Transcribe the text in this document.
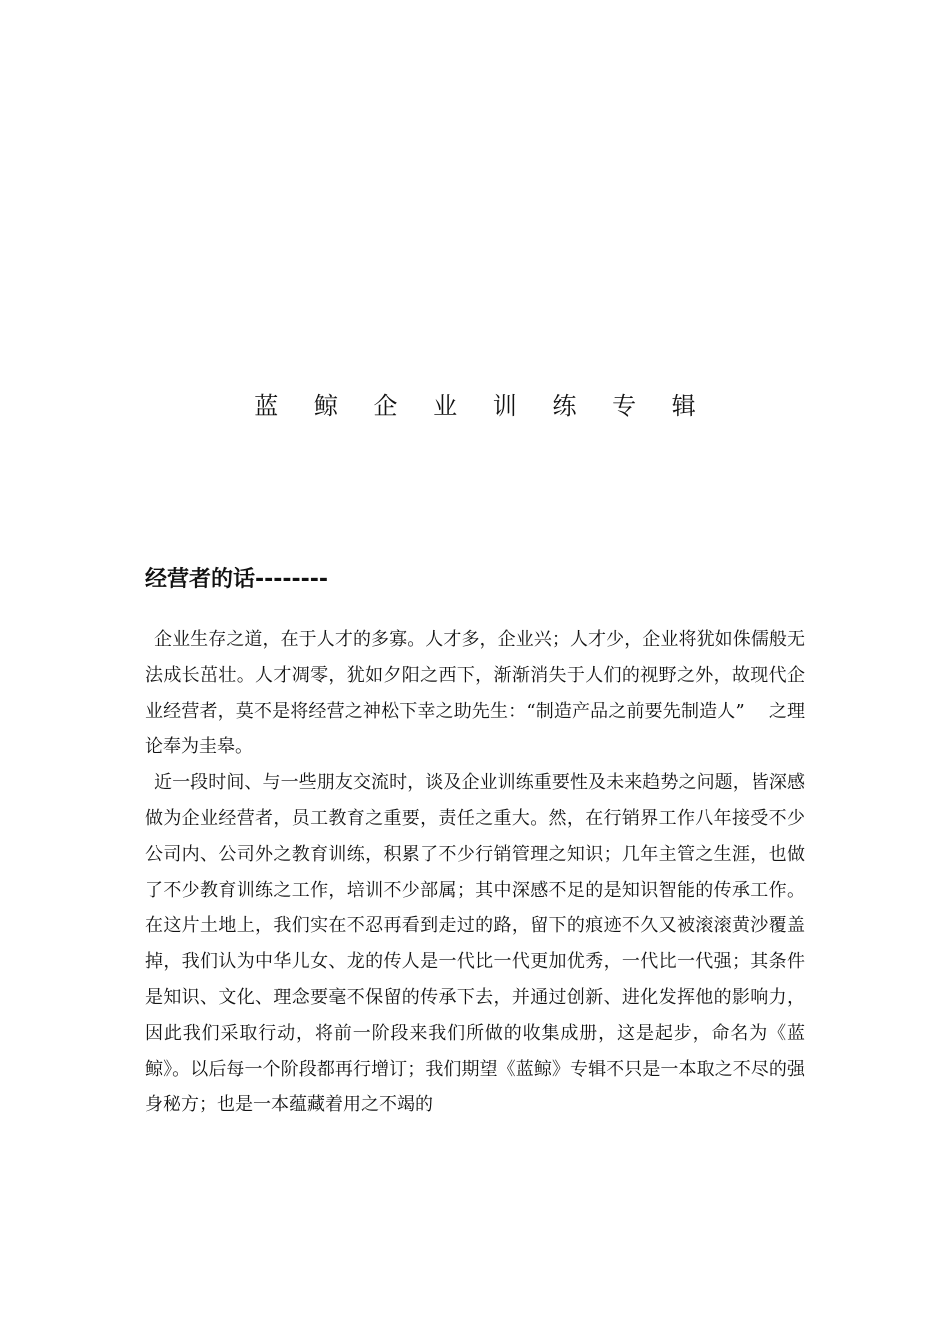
蓝 鲸 企 业 训 练 专 辑
经营者的话--------

企业生存之道，在于人才的多寡。人才多，企业兴；人才少，企业将犹如侏儒般无法成长茁壮。人才凋零，犹如夕阳之西下，渐渐消失于人们的视野之外，故现代企业经营者，莫不是将经营之神松下幸之助先生：“制造产品之前要先制造人”　 之理论奉为圭皋。

近一段时间、与一些朋友交流时，谈及企业训练重要性及未来趋势之问题，皆深感做为企业经营者，员工教育之重要，责任之重大。然，在行销界工作八年接受不少公司内、公司外之教育训练，积累了不少行销管理之知识；几年主管之生涯，也做了不少教育训练之工作，培训不少部属；其中深感不足的是知识智能的传承工作。在这片土地上，我们实在不忍再看到走过的路，留下的痕迹不久又被滚滚黄沙覆盖掉，我们认为中华儿女、龙的传人是一代比一代更加优秀，一代比一代强；其条件是知识、文化、理念要毫不保留的传承下去，并通过创新、进化发挥他的影响力，因此我们采取行动，将前一阶段来我们所做的收集成册，这是起步，命名为《蓝鲸》。以后每一个阶段都再行增订；我们期望《蓝鲸》专辑不只是一本取之不尽的强身秘方；也是一本蕴藏着用之不竭的
